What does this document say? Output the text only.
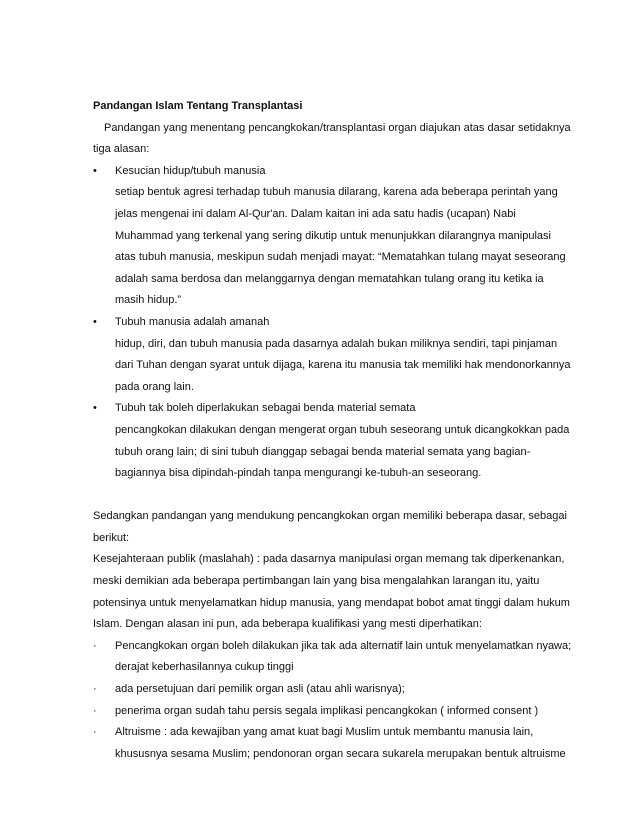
Pandangan Islam Tentang Transplantasi

Pandangan yang menentang pencangkokan/transplantasi organ diajukan atas dasar setidaknya tiga alasan:

•	Kesucian hidup/tubuh manusia

setiap bentuk agresi terhadap tubuh manusia dilarang, karena ada beberapa perintah yang jelas mengenai ini dalam Al-Qur'an. Dalam kaitan ini ada satu hadis (ucapan) Nabi Muhammad yang terkenal yang sering dikutip untuk menunjukkan dilarangnya manipulasi atas tubuh manusia, meskipun sudah menjadi mayat: “Mematahkan tulang mayat seseorang adalah sama berdosa dan melanggarnya dengan mematahkan tulang orang itu ketika ia masih hidup.”

•	Tubuh manusia adalah amanah

hidup, diri, dan tubuh manusia pada dasarnya adalah bukan miliknya sendiri, tapi pinjaman dari Tuhan dengan syarat untuk dijaga, karena itu manusia tak memiliki hak mendonorkannya pada orang lain.

•	Tubuh tak boleh diperlakukan sebagai benda material semata

pencangkokan dilakukan dengan mengerat organ tubuh seseorang untuk dicangkokkan pada tubuh orang lain; di sini tubuh dianggap sebagai benda material semata yang bagian-bagiannya bisa dipindah-pindah tanpa mengurangi ke-tubuh-an seseorang.

Sedangkan pandangan yang mendukung pencangkokan organ memiliki beberapa dasar, sebagai berikut:

Kesejahteraan publik (maslahah) : pada dasarnya manipulasi organ memang tak diperkenankan, meski demikian ada beberapa pertimbangan lain yang bisa mengalahkan larangan itu, yaitu potensinya untuk menyelamatkan hidup manusia, yang mendapat bobot amat tinggi dalam hukum Islam. Dengan alasan ini pun, ada beberapa kualifikasi yang mesti diperhatikan:

·	Pencangkokan organ boleh dilakukan jika tak ada alternatif lain untuk menyelamatkan nyawa; derajat keberhasilannya cukup tinggi
·	ada persetujuan dari pemilik organ asli (atau ahli warisnya);
·	penerima organ sudah tahu persis segala implikasi pencangkokan ( informed consent )
·	Altruisme : ada kewajiban yang amat kuat bagi Muslim untuk membantu manusia lain, khususnya sesama Muslim; pendonoran organ secara sukarela merupakan bentuk altruisme
